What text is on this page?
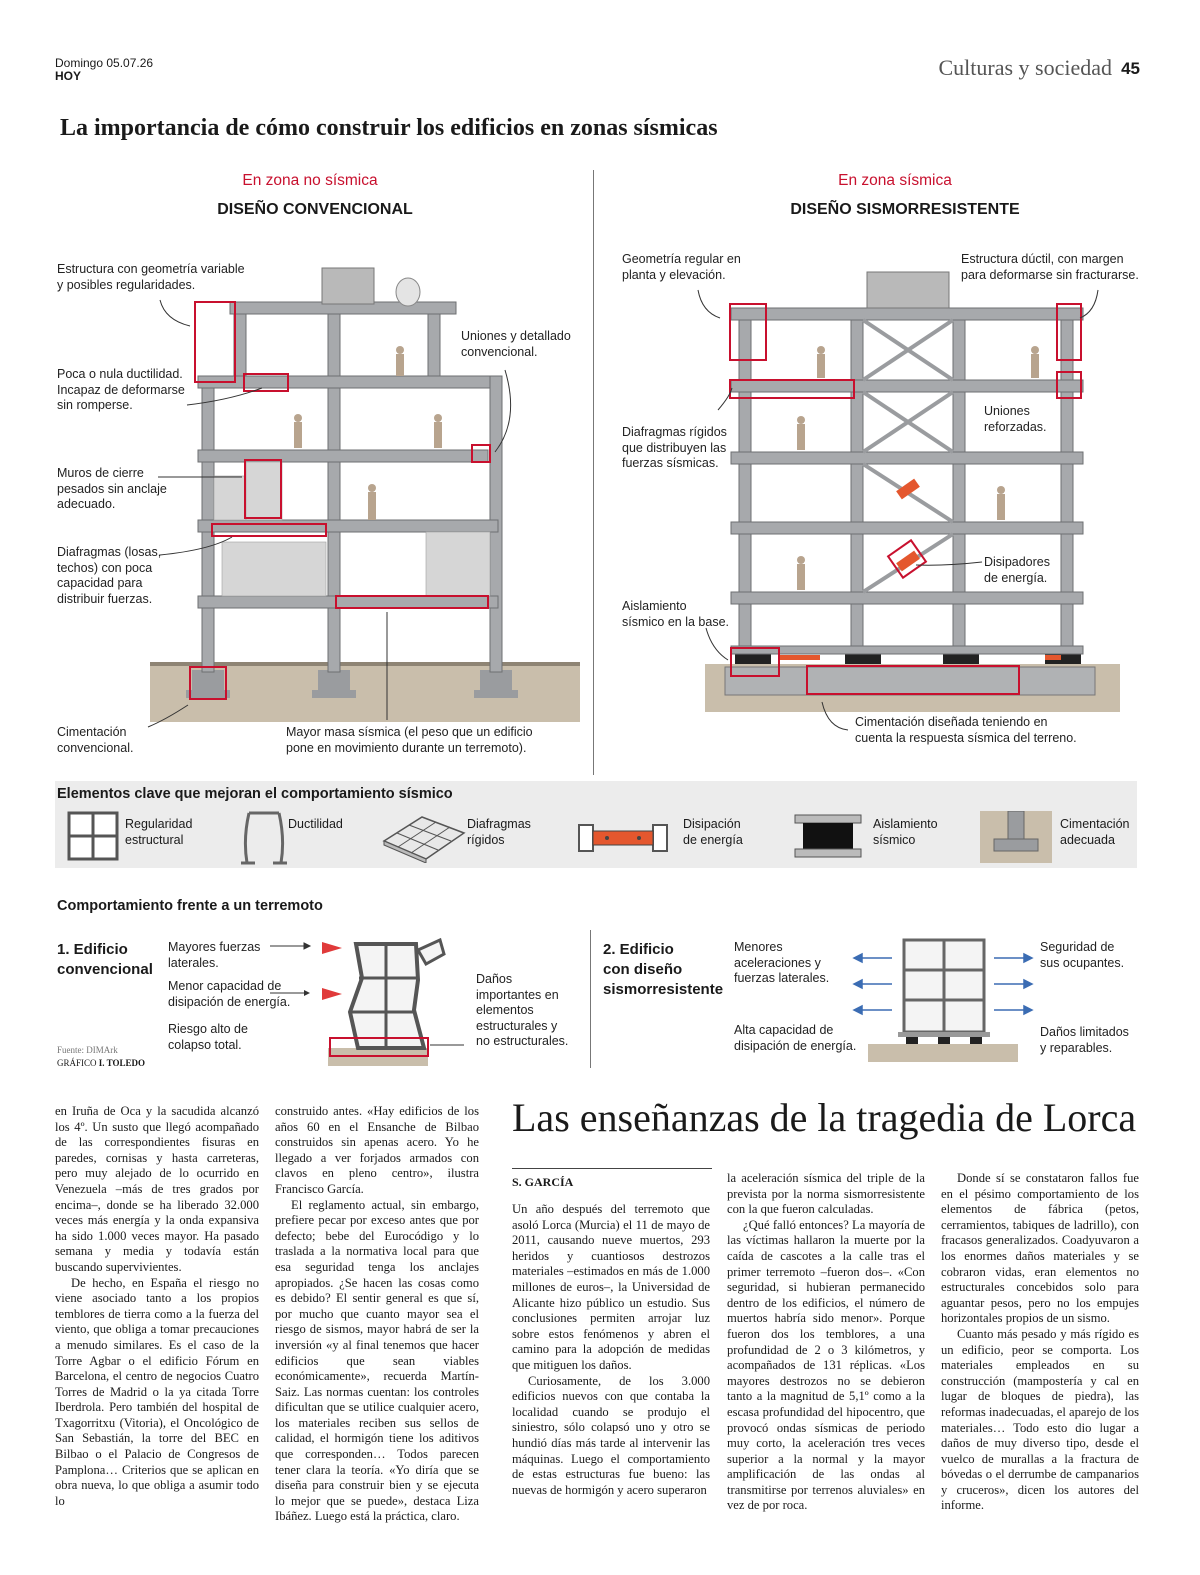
Domingo 05.07.26
HOY	Culturas y sociedad 45
La importancia de cómo construir los edificios en zonas sísmicas
En zona no sísmica
DISEÑO CONVENCIONAL
En zona sísmica
DISEÑO SISMORRESISTENTE
Estructura con geometría variable
y posibles regularidades.
Poca o nula ductilidad.
Incapaz de deformarse
sin romperse.
Muros de cierre
pesados sin anclaje
adecuado.
Diafragmas (losas,
techos) con poca
capacidad para
distribuir fuerzas.
Uniones y detallado
convencional.
Cimentación
convencional.
Mayor masa sísmica (el peso que un edificio
pone en movimiento durante un terremoto).
Geometría regular en
planta y elevación.
Estructura dúctil, con margen
para deformarse sin fracturarse.
Diafragmas rígidos
que distribuyen las
fuerzas sísmicas.
Uniones
reforzadas.
Disipadores
de energía.
Aislamiento
sísmico en la base.
Cimentación diseñada teniendo en
cuenta la respuesta sísmica del terreno.
Elementos clave que mejoran el comportamiento sísmico
Regularidad
estructural
Ductilidad	Diafragmas
rígidos
Disipación
de energía
Aislamiento
sísmico
Cimentación
adecuada
Comportamiento frente a un terremoto
1. Edificio
convencional
Mayores fuerzas
laterales.
Menor capacidad de
disipación de energía.
Riesgo alto de
colapso total.
Daños
importantes en
elementos
estructurales y
no estructurales.
2. Edificio
con diseño
sismorresistente
Menores
aceleraciones y
fuerzas laterales.
Alta capacidad de
disipación de energía.
Seguridad de
sus ocupantes.
Daños limitados
y reparables.
Fuente: DIMArk
GRÁFICO I. TOLEDO

en Iruña de Oca y la sacudida alcanzó los 4º. Un susto que llegó acompañado de las correspondientes fisuras en paredes, cornisas y hasta carreteras, pero muy alejado de lo ocurrido en Venezuela –más de tres grados por encima–, donde se ha liberado 32.000 veces más energía y la onda expansiva ha sido 1.000 veces mayor. Ha pasado semana y media y todavía están buscando supervivientes.

De hecho, en España el riesgo no viene asociado tanto a los propios temblores de tierra como a la fuerza del viento, que obliga a tomar precauciones a menudo similares. Es el caso de la Torre Agbar o el edificio Fórum en Barcelona, el centro de negocios Cuatro Torres de Madrid o la ya citada Torre Iberdrola. Pero también del hospital de Txagorritxu (Vitoria), el Oncológico de San Sebastián, la torre del BEC en Bilbao o el Palacio de Congresos de Pamplona… Criterios que se aplican en obra nueva, lo que obliga a asumir todo lo

construido antes. «Hay edificios de los años 60 en el Ensanche de Bilbao construidos sin apenas acero. Yo he llegado a ver forjados armados con clavos en pleno centro», ilustra Francisco García.

El reglamento actual, sin embargo, prefiere pecar por exceso antes que por defecto; bebe del Eurocódigo y lo traslada a la normativa local para que esa seguridad tenga los anclajes apropiados. ¿Se hacen las cosas como es debido? El sentir general es que sí, por mucho que cuanto mayor sea el riesgo de sismos, mayor habrá de ser la inversión «y al final tenemos que hacer edificios que sean viables económicamente», recuerda Martín-Saiz. Las normas cuentan: los controles dificultan que se utilice cualquier acero, los materiales reciben sus sellos de calidad, el hormigón tiene los aditivos que corresponden… Todos parecen tener clara la teoría. «Yo diría que se diseña para construir bien y se ejecuta lo mejor que se puede», destaca Liza Ibáñez. Luego está la práctica, claro.

Las enseñanzas de la tragedia de Lorca
S. GARCÍA

Un año después del terremoto que asoló Lorca (Murcia) el 11 de mayo de 2011, causando nueve muertos, 293 heridos y cuantiosos destrozos materiales –estimados en más de 1.000 millones de euros–, la Universidad de Alicante hizo público un estudio. Sus conclusiones permiten arrojar luz sobre estos fenómenos y abren el camino para la adopción de medidas que mitiguen los daños.

Curiosamente, de los 3.000 edificios nuevos con que contaba la localidad cuando se produjo el siniestro, sólo colapsó uno y otro se hundió días más tarde al intervenir las máquinas. Luego el comportamiento de estas estructuras fue bueno: las nuevas de hormigón y acero superaron

la aceleración sísmica del triple de la prevista por la norma sismorresistente con la que fueron calculadas.

¿Qué falló entonces? La mayoría de las víctimas hallaron la muerte por la caída de cascotes a la calle tras el primer terremoto –fueron dos–. «Con seguridad, si hubieran permanecido dentro de los edificios, el número de muertos habría sido menor». Porque fueron dos los temblores, a una profundidad de 2 o 3 kilómetros, y acompañados de 131 réplicas. «Los mayores destrozos no se debieron tanto a la magnitud de 5,1º como a la escasa profundidad del hipocentro, que provocó ondas sísmicas de periodo muy corto, la aceleración tres veces superior a la normal y la mayor amplificación de las ondas al transmitirse por terrenos aluviales» en vez de por roca.

Donde sí se constataron fallos fue en el pésimo comportamiento de los elementos de fábrica (petos, cerramientos, tabiques de ladrillo), con fracasos generalizados. Coadyuvaron a los enormes daños materiales y se cobraron vidas, eran elementos no estructurales concebidos solo para aguantar pesos, pero no los empujes horizontales propios de un sismo.

Cuanto más pesado y más rígido es un edificio, peor se comporta. Los materiales empleados en su construcción (mampostería y cal en lugar de bloques de piedra), las reformas inadecuadas, el aparejo de los materiales… Todo esto dio lugar a daños de muy diverso tipo, desde el vuelco de murallas a la fractura de bóvedas o el derrumbe de campanarios y cruceros», dicen los autores del informe.
